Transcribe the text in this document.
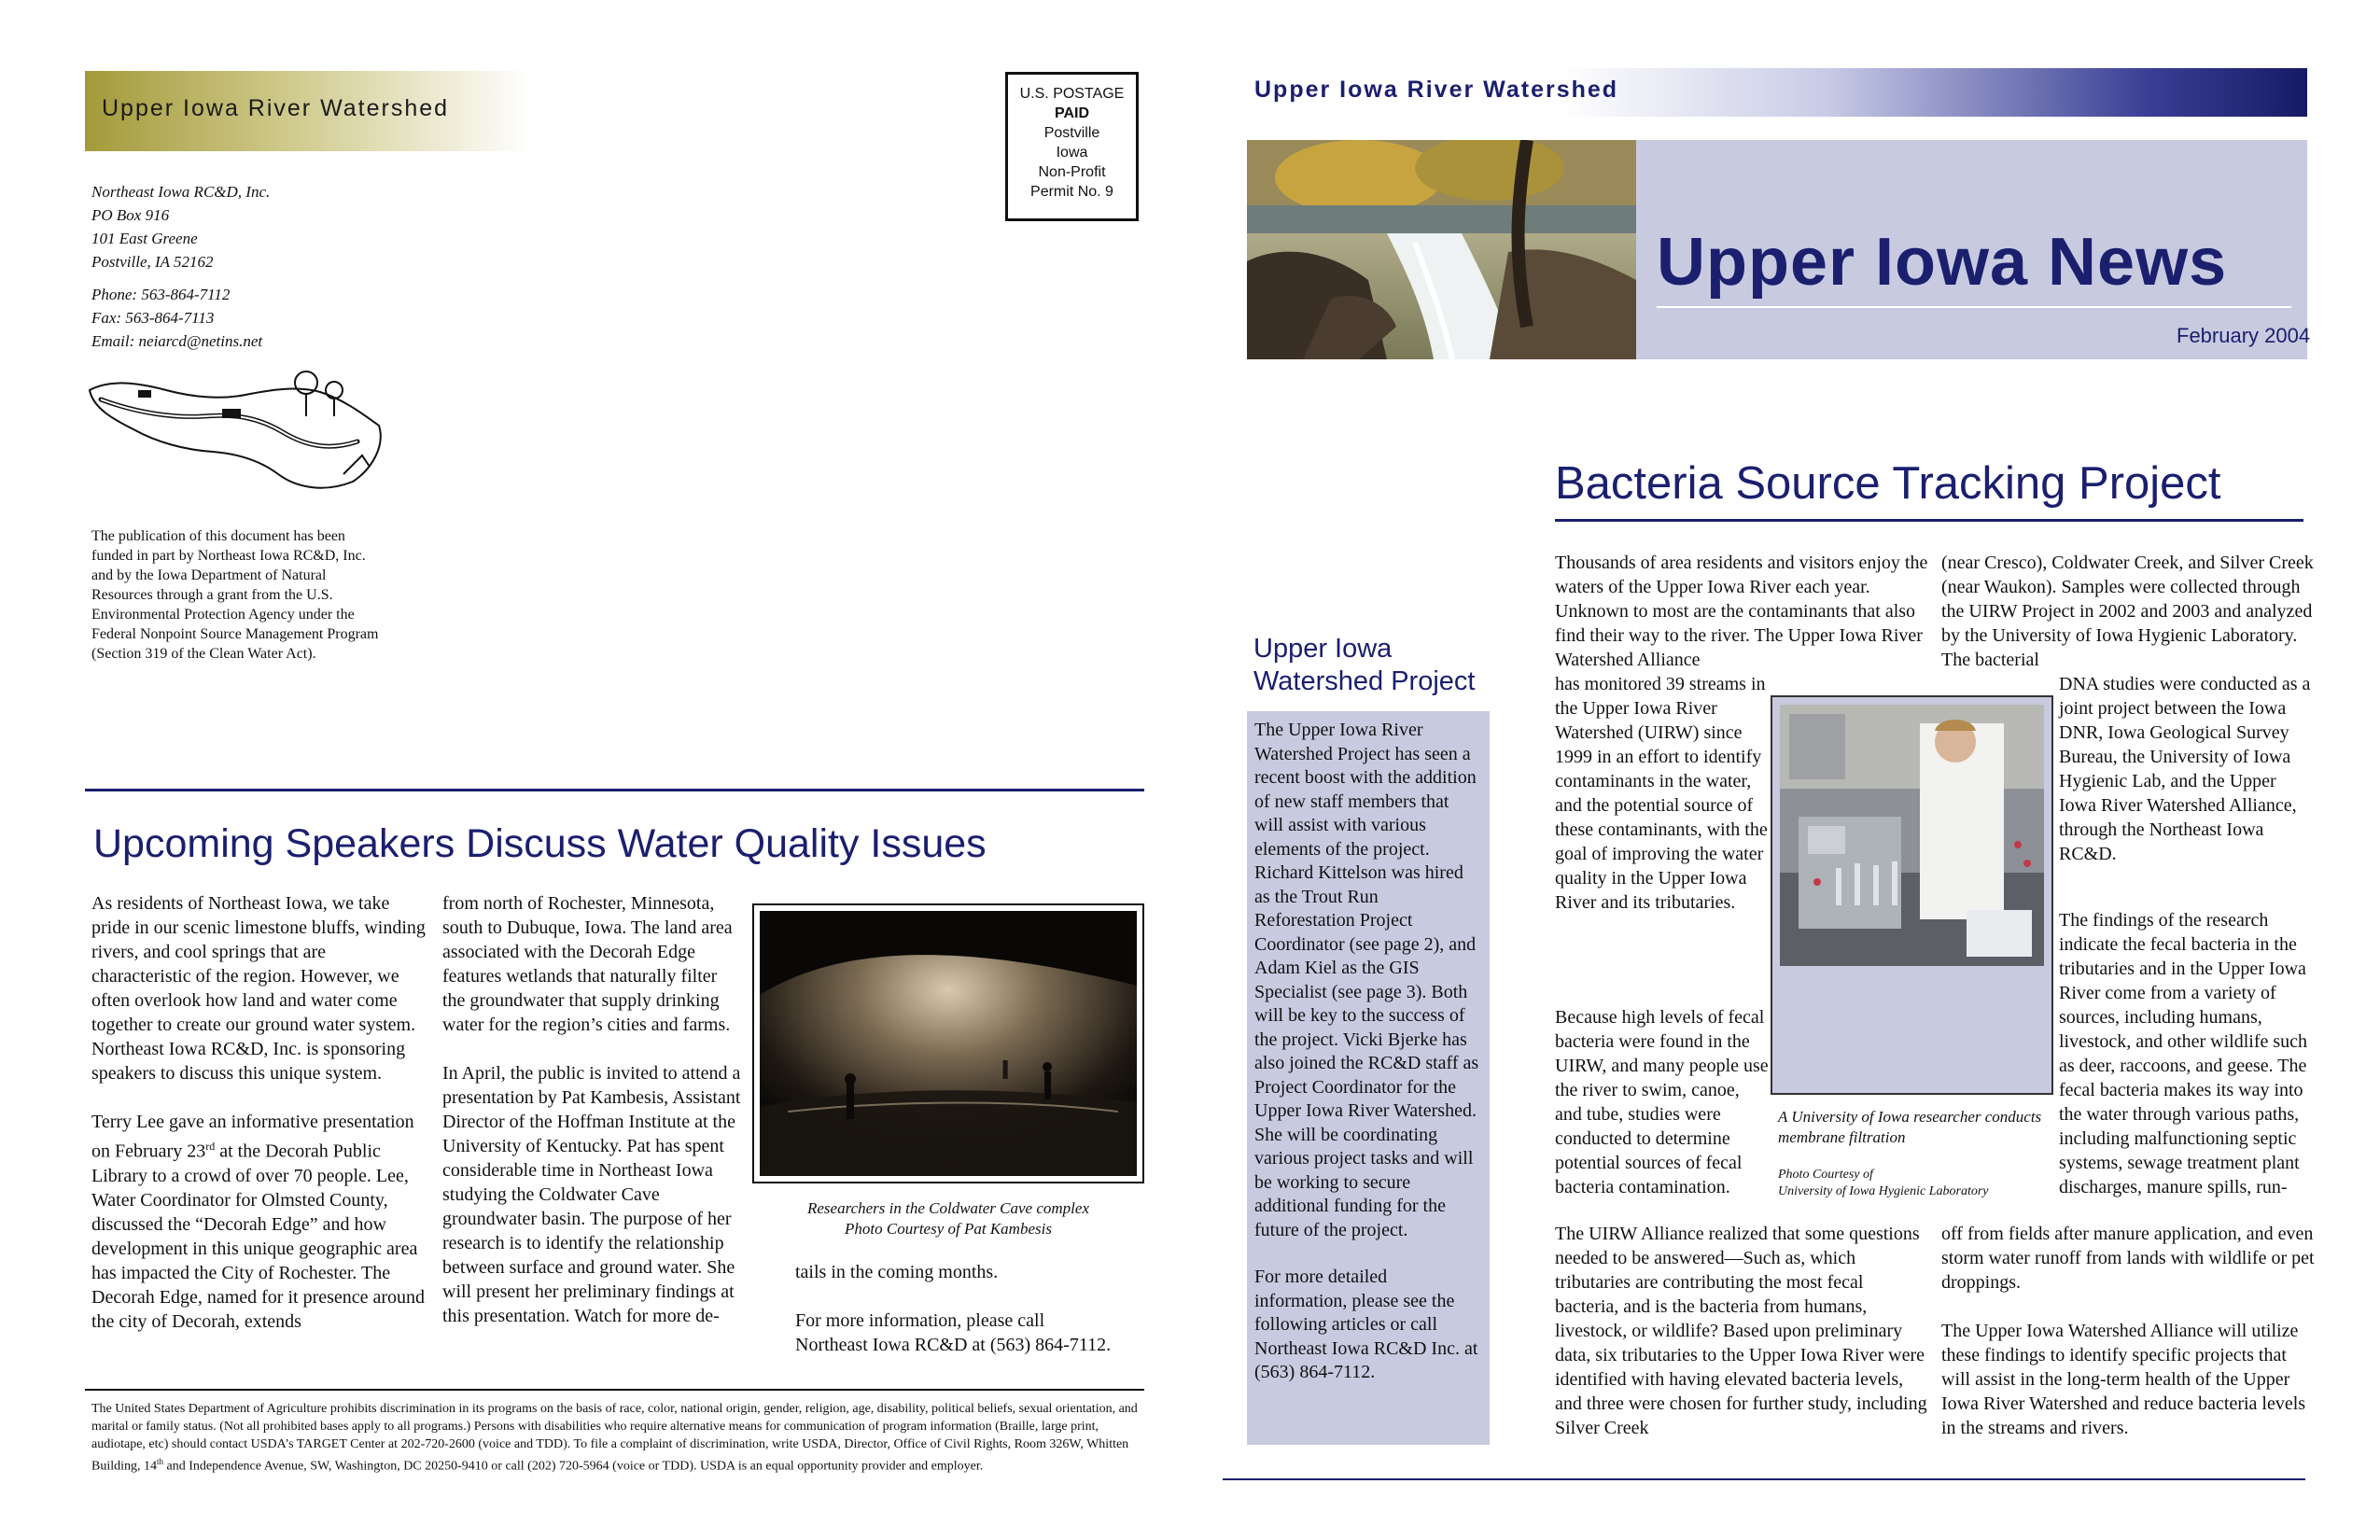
Upper Iowa River Watershed
U.S. POSTAGE
PAID
Postville
Iowa
Non-Profit
Permit No. 9
Northeast Iowa RC&D, Inc.
PO Box 916
101 East Greene
Postville, IA 52162
Phone: 563-864-7112
Fax: 563-864-7113
Email: neiarcd@netins.net
The publication of this document has been funded in part by Northeast Iowa RC&D, Inc. and by the Iowa Department of Natural Resources through a grant from the U.S. Environmental Protection Agency under the Federal Nonpoint Source Management Program (Section 319 of the Clean Water Act).
Upcoming Speakers Discuss Water Quality Issues

As residents of Northeast Iowa, we take pride in our scenic limestone bluffs, winding rivers, and cool springs that are characteristic of the region. However, we often overlook how land and water come together to create our ground water system. Northeast Iowa RC&D, Inc. is sponsoring speakers to discuss this unique system.

Terry Lee gave an informative presentation on February 23rd at the Decorah Public Library to a crowd of over 70 people. Lee, Water Coordinator for Olmsted County, discussed the “Decorah Edge” and how development in this unique geographic area has impacted the City of Rochester. The Decorah Edge, named for it presence around the city of Decorah, extends

from north of Rochester, Minnesota, south to Dubuque, Iowa. The land area associated with the Decorah Edge features wetlands that naturally filter the groundwater that supply drinking water for the region’s cities and farms.

In April, the public is invited to attend a presentation by Pat Kambesis, Assistant Director of the Hoffman Institute at the University of Kentucky. Pat has spent considerable time in Northeast Iowa studying the Coldwater Cave groundwater basin. The purpose of her research is to identify the relationship between surface and ground water. She will present her preliminary findings at this presentation. Watch for more de-

Researchers in the Coldwater Cave complex
Photo Courtesy of Pat Kambesis

tails in the coming months.

For more information, please call Northeast Iowa RC&D at (563) 864-7112.

The United States Department of Agriculture prohibits discrimination in its programs on the basis of race, color, national origin, gender, religion, age, disability, political beliefs, sexual orientation, and marital or family status. (Not all prohibited bases apply to all programs.) Persons with disabilities who require alternative means for communication of program information (Braille, large print, audiotape, etc) should contact USDA’s TARGET Center at 202-720-2600 (voice and TDD). To file a complaint of discrimination, write USDA, Director, Office of Civil Rights, Room 326W, Whitten Building, 14th and Independence Avenue, SW, Washington, DC 20250-9410 or call (202) 720-5964 (voice or TDD). USDA is an equal opportunity provider and employer.
Upper Iowa River Watershed
Upper Iowa News
February 2004
Bacteria Source Tracking Project
Upper Iowa
Watershed Project

The Upper Iowa River Watershed Project has seen a recent boost with the addition of new staff members that will assist with various elements of the project. Richard Kittelson was hired as the Trout Run Reforestation Project Coordinator (see page 2), and Adam Kiel as the GIS Specialist (see page 3). Both will be key to the success of the project. Vicki Bjerke has also joined the RC&D staff as Project Coordinator for the Upper Iowa River Watershed. She will be coordinating various project tasks and will be working to secure additional funding for the future of the project.

For more detailed information, please see the following articles or call Northeast Iowa RC&D Inc. at (563) 864-7112.

Thousands of area residents and visitors enjoy the waters of the Upper Iowa River each year. Unknown to most are the contaminants that also find their way to the river. The Upper Iowa River Watershed Alliance
has monitored 39 streams in the Upper Iowa River Watershed (UIRW) since 1999 in an effort to identify contaminants in the water, and the potential source of these contaminants, with the goal of improving the water quality in the Upper Iowa River and its tributaries.
Because high levels of fecal bacteria were found in the UIRW, and many people use the river to swim, canoe, and tube, studies were conducted to determine potential sources of fecal bacteria contamination.
The UIRW Alliance realized that some questions needed to be answered—Such as, which tributaries are contributing the most fecal bacteria, and is the bacteria from humans, livestock, or wildlife? Based upon preliminary data, six tributaries to the Upper Iowa River were identified with having elevated bacteria levels, and three were chosen for further study, including Silver Creek
A University of Iowa researcher conducts membrane filtration
Photo Courtesy of
University of Iowa Hygienic Laboratory
(near Cresco), Coldwater Creek, and Silver Creek (near Waukon). Samples were collected through the UIRW Project in 2002 and 2003 and analyzed by the University of Iowa Hygienic Laboratory. The bacterial
DNA studies were conducted as a joint project between the Iowa DNR, Iowa Geological Survey Bureau, the University of Iowa Hygienic Lab, and the Upper Iowa River Watershed Alliance, through the Northeast Iowa RC&D.
The findings of the research indicate the fecal bacteria in the tributaries and in the Upper Iowa River come from a variety of sources, including humans, livestock, and other wildlife such as deer, raccoons, and geese. The fecal bacteria makes its way into the water through various paths, including malfunctioning septic systems, sewage treatment plant discharges, manure spills, run-

off from fields after manure application, and even storm water runoff from lands with wildlife or pet droppings.

The Upper Iowa Watershed Alliance will utilize these findings to identify specific projects that will assist in the long-term health of the Upper Iowa River Watershed and reduce bacteria levels in the streams and rivers.
